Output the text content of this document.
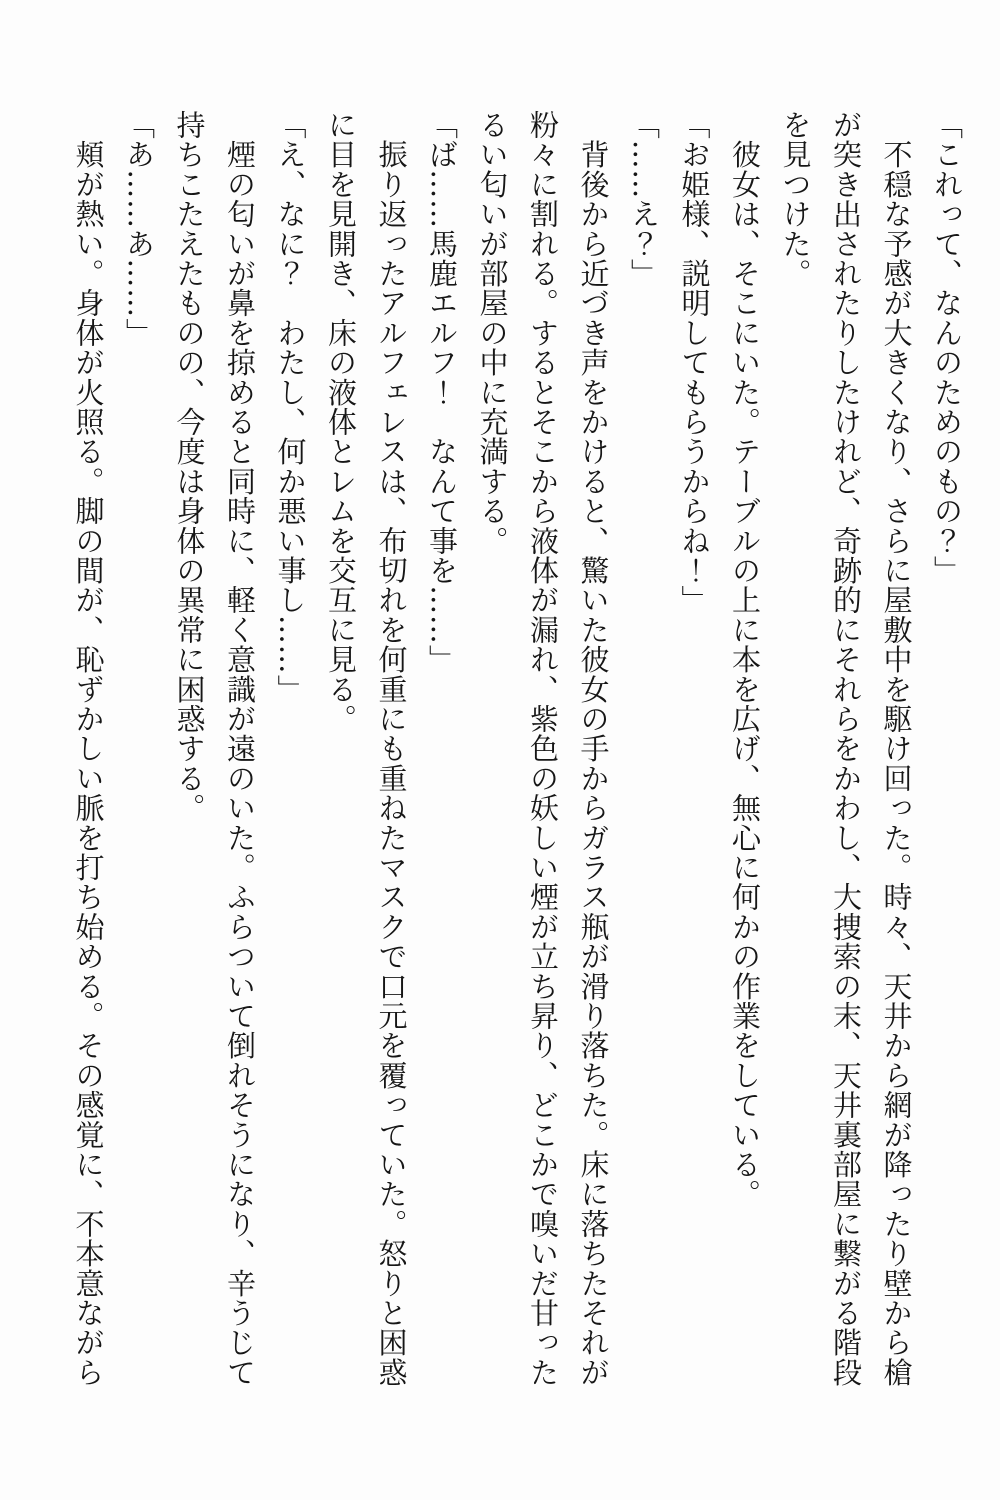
「これって、なんのためのもの？」

　不穏な予感が大きくなり、さらに屋敷中を駆け回った。時々、天井から網が降ったり壁から槍

が突き出されたりしたけれど、奇跡的にそれらをかわし、大捜索の末、天井裏部屋に繋がる階段

を見つけた。

　彼女は、そこにいた。テーブルの上に本を広げ、無心に何かの作業をしている。

「お姫様、説明してもらうからね！」

「……え？」

　背後から近づき声をかけると、驚いた彼女の手からガラス瓶が滑り落ちた。床に落ちたそれが

粉々に割れる。するとそこから液体が漏れ、紫色の妖しい煙が立ち昇り、どこかで嗅いだ甘った

るい匂いが部屋の中に充満する。

「ば……馬鹿エルフ！　なんて事を……」

　振り返ったアルフェレスは、布切れを何重にも重ねたマスクで口元を覆っていた。怒りと困惑

に目を見開き、床の液体とレムを交互に見る。

「え、なに？　わたし、何か悪い事し……」

　煙の匂いが鼻を掠めると同時に、軽く意識が遠のいた。ふらついて倒れそうになり、辛うじて

持ちこたえたものの、今度は身体の異常に困惑する。

「あ……あ……」

　頬が熱い。身体が火照る。脚の間が、恥ずかしい脈を打ち始める。その感覚に、不本意ながら
